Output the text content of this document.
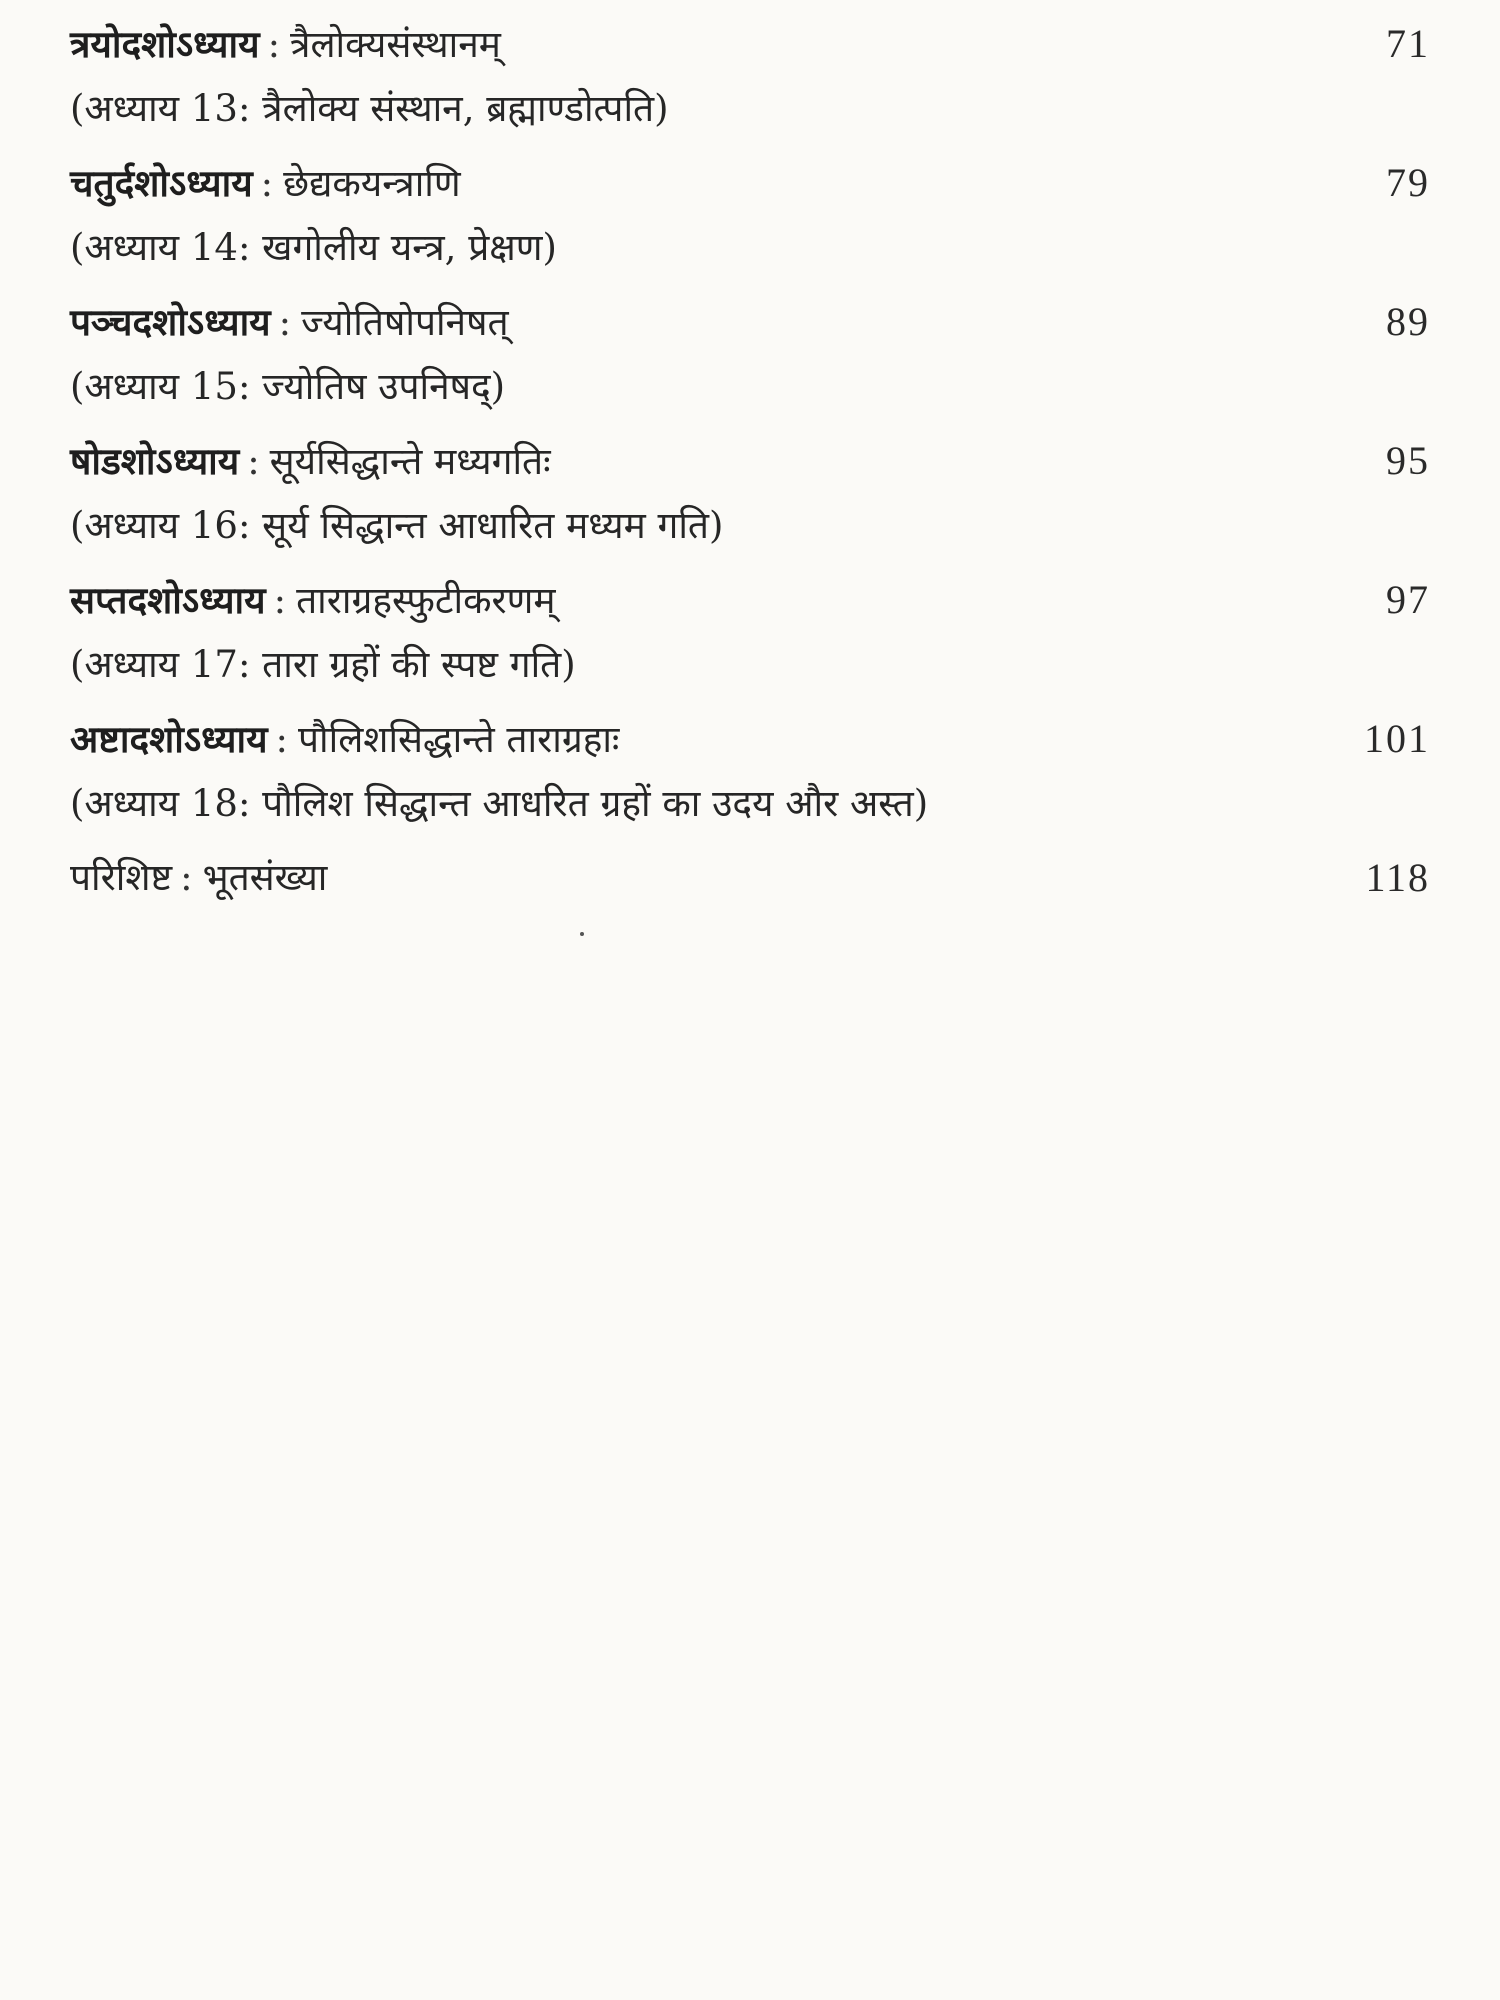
त्रयोदशोऽध्याय : त्रैलोक्यसंस्थानम्	71
(अध्याय 13: त्रैलोक्य संस्थान, ब्रह्माण्डोत्पति)
चतुर्दशोऽध्याय : छेद्यकयन्त्राणि	79
(अध्याय 14: खगोलीय यन्त्र, प्रेक्षण)
पञ्चदशोऽध्याय : ज्योतिषोपनिषत्	89
(अध्याय 15: ज्योतिष उपनिषद्)
षोडशोऽध्याय : सूर्यसिद्धान्ते मध्यगतिः	95
(अध्याय 16: सूर्य सिद्धान्त आधारित मध्यम गति)
सप्तदशोऽध्याय : ताराग्रहस्फुटीकरणम्	97
(अध्याय 17: तारा ग्रहों की स्पष्ट गति)
अष्टादशोऽध्याय : पौलिशसिद्धान्ते ताराग्रहाः	101
(अध्याय 18: पौलिश सिद्धान्त आधरित ग्रहों का उदय और अस्त)
परिशिष्ट : भूतसंख्या	118
